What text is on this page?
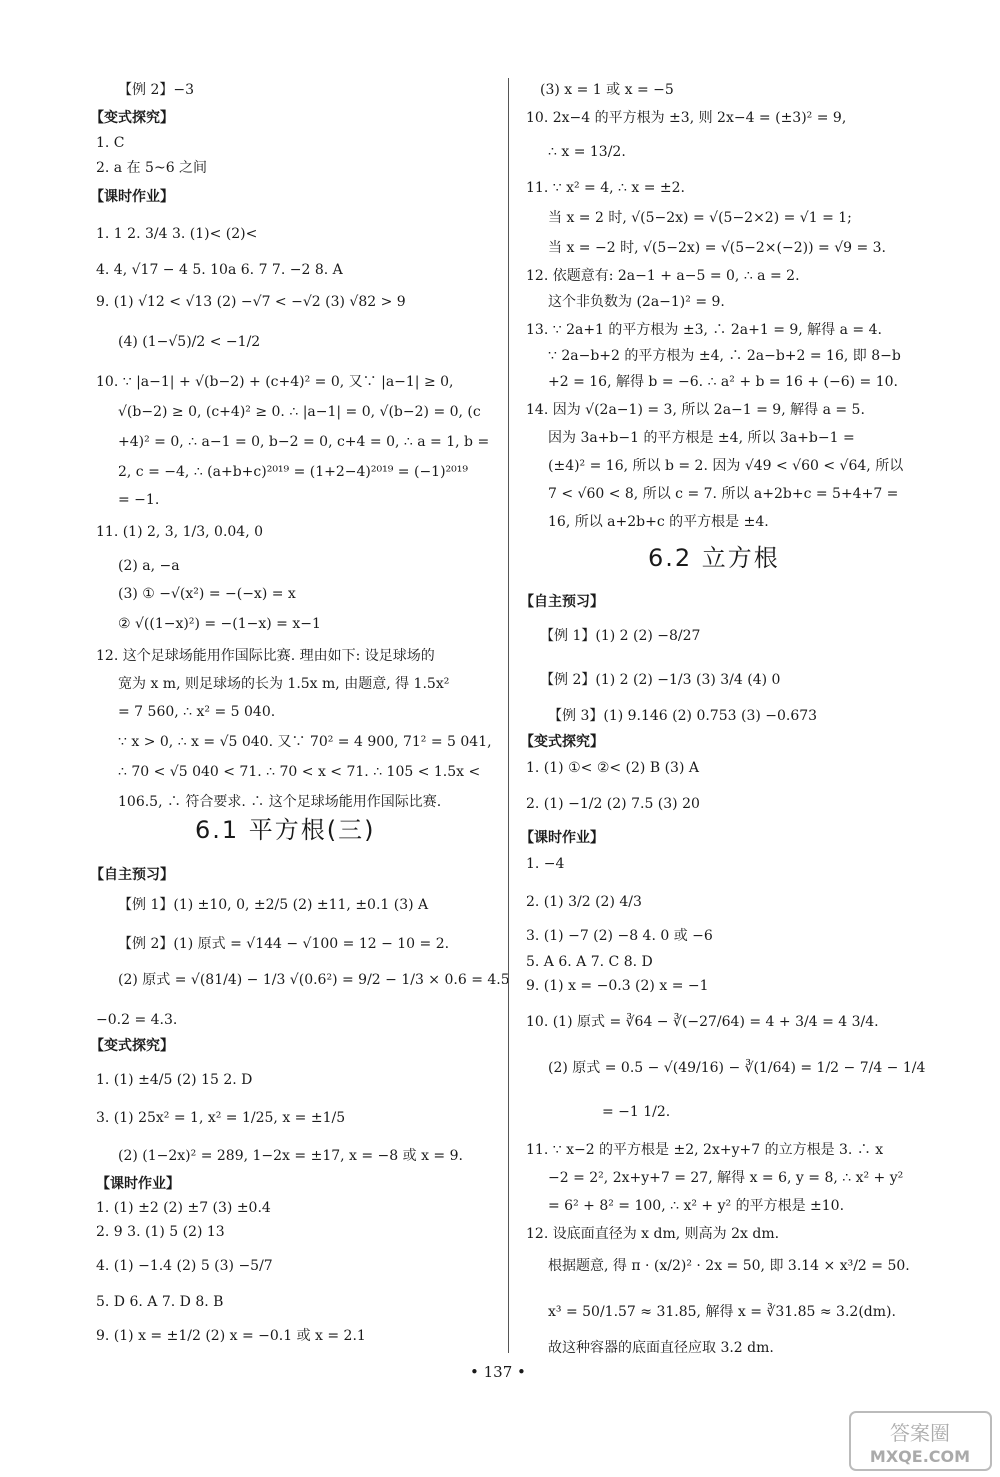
【例 2】−3
【变式探究】
1. C
2. a 在 5~6 之间
【课时作业】
1. 1 2. 3/4 3. (1)< (2)<
4. 4, √17 − 4 5. 10a 6. 7 7. −2 8. A
9. (1) √12 < √13 (2) −√7 < −√2 (3) √82 > 9
(4) (1−√5)/2 < −1/2
10. ∵ |a−1| + √(b−2) + (c+4)² = 0, 又∵ |a−1| ≥ 0,
√(b−2) ≥ 0, (c+4)² ≥ 0. ∴ |a−1| = 0, √(b−2) = 0, (c
+4)² = 0, ∴ a−1 = 0, b−2 = 0, c+4 = 0, ∴ a = 1, b =
2, c = −4, ∴ (a+b+c)²⁰¹⁹ = (1+2−4)²⁰¹⁹ = (−1)²⁰¹⁹
= −1.
11. (1) 2, 3, 1/3, 0.04, 0
(2) a, −a
(3) ① −√(x²) = −(−x) = x
② √((1−x)²) = −(1−x) = x−1
12. 这个足球场能用作国际比赛. 理由如下: 设足球场的
宽为 x m, 则足球场的长为 1.5x m, 由题意, 得 1.5x²
= 7 560, ∴ x² = 5 040.
∵ x > 0, ∴ x = √5 040. 又∵ 70² = 4 900, 71² = 5 041,
∴ 70 < √5 040 < 71. ∴ 70 < x < 71. ∴ 105 < 1.5x <
106.5, ∴ 符合要求. ∴ 这个足球场能用作国际比赛.
6.1 平方根(三)
【自主预习】
【例 1】(1) ±10, 0, ±2/5 (2) ±11, ±0.1 (3) A
【例 2】(1) 原式 = √144 − √100 = 12 − 10 = 2.
(2) 原式 = √(81/4) − 1/3 √(0.6²) = 9/2 − 1/3 × 0.6 = 4.5
−0.2 = 4.3.
【变式探究】
1. (1) ±4/5 (2) 15 2. D
3. (1) 25x² = 1, x² = 1/25, x = ±1/5
(2) (1−2x)² = 289, 1−2x = ±17, x = −8 或 x = 9.
【课时作业】
1. (1) ±2 (2) ±7 (3) ±0.4
2. 9 3. (1) 5 (2) 13
4. (1) −1.4 (2) 5 (3) −5/7
5. D 6. A 7. D 8. B
9. (1) x = ±1/2 (2) x = −0.1 或 x = 2.1
(3) x = 1 或 x = −5
10. 2x−4 的平方根为 ±3, 则 2x−4 = (±3)² = 9,
∴ x = 13/2.
11. ∵ x² = 4, ∴ x = ±2.
当 x = 2 时, √(5−2x) = √(5−2×2) = √1 = 1;
当 x = −2 时, √(5−2x) = √(5−2×(−2)) = √9 = 3.
12. 依题意有: 2a−1 + a−5 = 0, ∴ a = 2.
这个非负数为 (2a−1)² = 9.
13. ∵ 2a+1 的平方根为 ±3, ∴ 2a+1 = 9, 解得 a = 4.
∵ 2a−b+2 的平方根为 ±4, ∴ 2a−b+2 = 16, 即 8−b
+2 = 16, 解得 b = −6. ∴ a² + b = 16 + (−6) = 10.
14. 因为 √(2a−1) = 3, 所以 2a−1 = 9, 解得 a = 5.
因为 3a+b−1 的平方根是 ±4, 所以 3a+b−1 =
(±4)² = 16, 所以 b = 2. 因为 √49 < √60 < √64, 所以
7 < √60 < 8, 所以 c = 7. 所以 a+2b+c = 5+4+7 =
16, 所以 a+2b+c 的平方根是 ±4.
6.2 立方根
【自主预习】
【例 1】(1) 2 (2) −8/27
【例 2】(1) 2 (2) −1/3 (3) 3/4 (4) 0
【例 3】(1) 9.146 (2) 0.753 (3) −0.673
【变式探究】
1. (1) ①< ②< (2) B (3) A
2. (1) −1/2 (2) 7.5 (3) 20
【课时作业】
1. −4
2. (1) 3/2 (2) 4/3
3. (1) −7 (2) −8 4. 0 或 −6
5. A 6. A 7. C 8. D
9. (1) x = −0.3 (2) x = −1
10. (1) 原式 = ∛64 − ∛(−27/64) = 4 + 3/4 = 4 3/4.
(2) 原式 = 0.5 − √(49/16) − ∛(1/64) = 1/2 − 7/4 − 1/4
= −1 1/2.
11. ∵ x−2 的平方根是 ±2, 2x+y+7 的立方根是 3. ∴ x
−2 = 2², 2x+y+7 = 27, 解得 x = 6, y = 8, ∴ x² + y²
= 6² + 8² = 100, ∴ x² + y² 的平方根是 ±10.
12. 设底面直径为 x dm, 则高为 2x dm.
根据题意, 得 π · (x/2)² · 2x = 50, 即 3.14 × x³/2 = 50.
x³ = 50/1.57 ≈ 31.85, 解得 x = ∛31.85 ≈ 3.2(dm).
故这种容器的底面直径应取 3.2 dm.
• 137 •
答案圈
MXQE.COM
